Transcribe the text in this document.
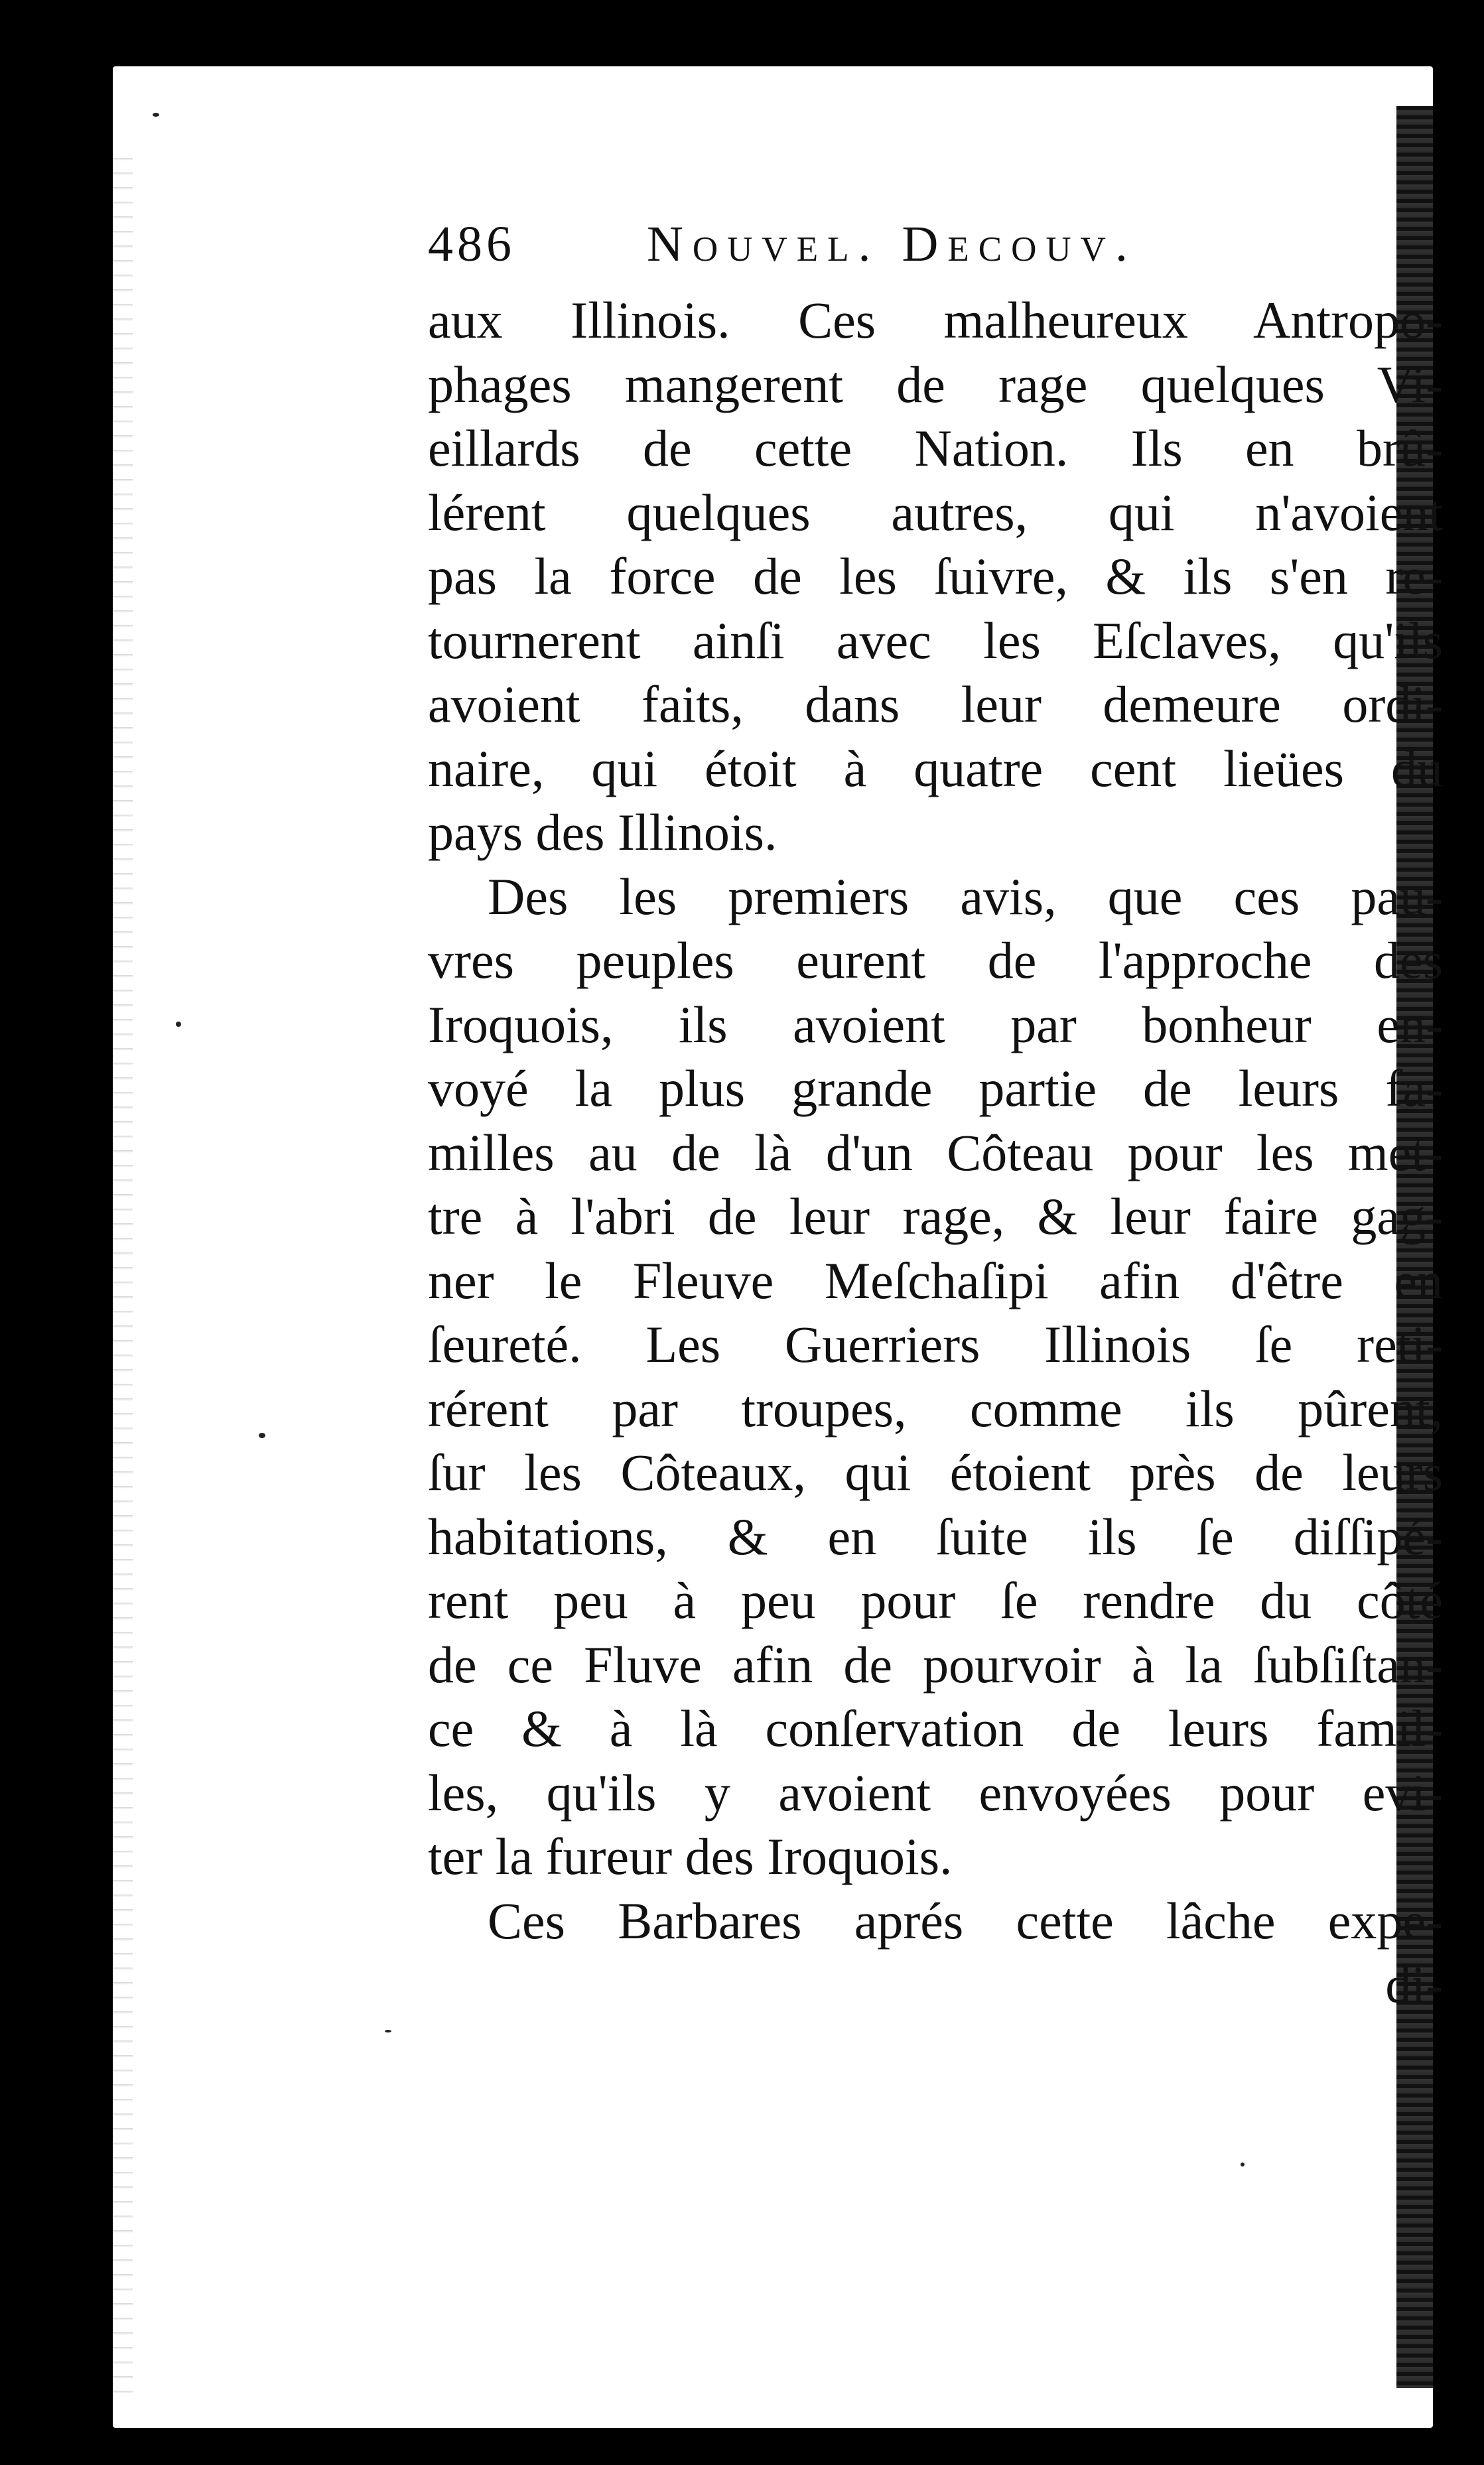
486	Nouvel. Decouv.
aux Illinois. Ces malheureux Antropo-
phages mangerent de rage quelques Vi-
eillards de cette Nation. Ils en brû-
lérent quelques autres, qui n'avoient
pas la force de les ſuivre, & ils s'en re-
tournerent ainſi avec les Eſclaves, qu'ils
avoient faits, dans leur demeure ordi-
naire, qui étoit à quatre cent lieües du
pays des Illinois.
Des les premiers avis, que ces pau-
vres peuples eurent de l'approche des
Iroquois, ils avoient par bonheur en-
voyé la plus grande partie de leurs fa-
milles au de là d'un Côteau pour les met-
tre à l'abri de leur rage, & leur faire gag-
ner le Fleuve Meſchaſipi afin d'être en
ſeureté. Les Guerriers Illinois ſe reti-
rérent par troupes, comme ils pûrent,
ſur les Côteaux, qui étoient près de leurs
habitations, & en ſuite ils ſe diſſipé-
rent peu à peu pour ſe rendre du côté
de ce Fluve afin de pourvoir à la ſubſiſtan-
ce & à là conſervation de leurs famil-
les, qu'ils y avoient envoyées pour evi-
ter la fureur des Iroquois.
Ces Barbares aprés cette lâche expe-
di-
